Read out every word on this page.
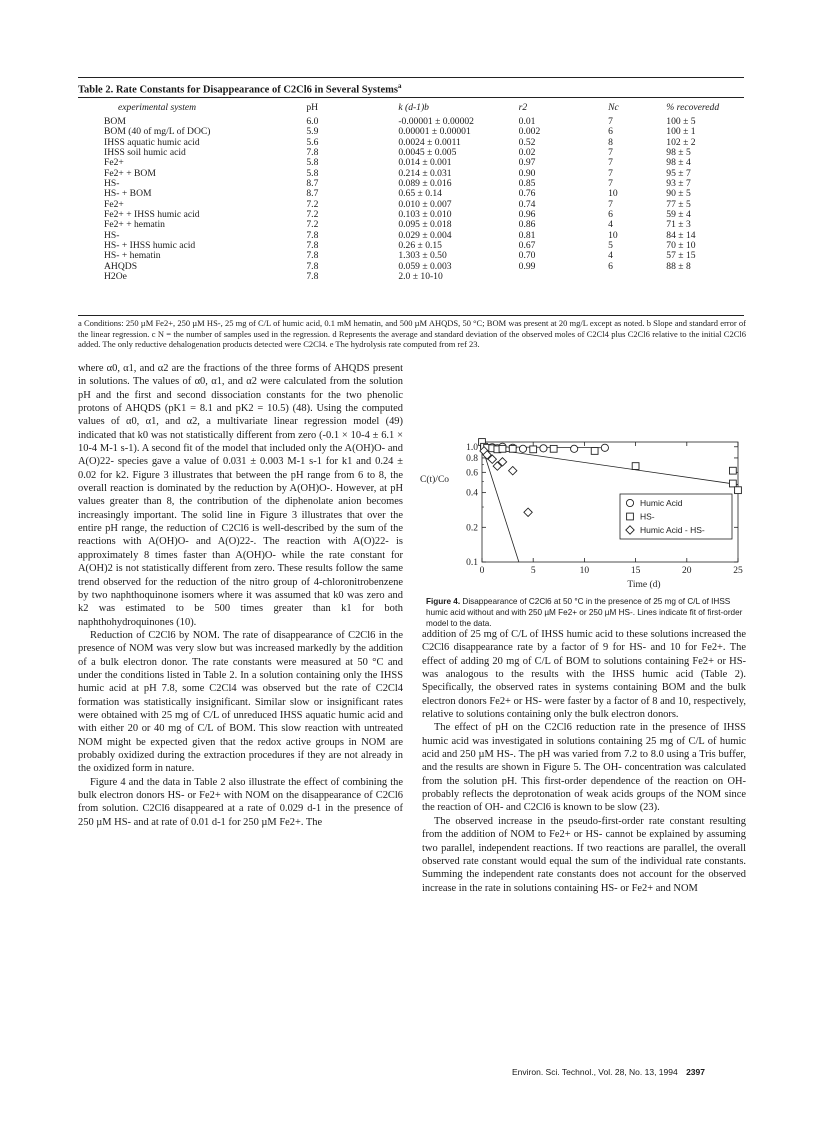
Table 2. Rate Constants for Disappearance of C2Cl6 in Several Systems$^a$
experimental system	pH	k (d-1)b	r2	Nc	% recoveredd
BOM	6.0	-0.00001 ± 0.00002	0.01	7	100 ± 5
BOM (40 of mg/L of DOC)	5.9	0.00001 ± 0.00001	0.002	6	100 ± 1
IHSS aquatic humic acid	5.6	0.0024 ± 0.0011	0.52	8	102 ± 2
IHSS soil humic acid	7.8	0.0045 ± 0.005	0.02	7	98 ± 5
Fe2+	5.8	0.014 ± 0.001	0.97	7	98 ± 4
Fe2+ + BOM	5.8	0.214 ± 0.031	0.90	7	95 ± 7
HS-	8.7	0.089 ± 0.016	0.85	7	93 ± 7
HS- + BOM	8.7	0.65 ± 0.14	0.76	10	90 ± 5
Fe2+	7.2	0.010 ± 0.007	0.74	7	77 ± 5
Fe2+ + IHSS humic acid	7.2	0.103 ± 0.010	0.96	6	59 ± 4
Fe2+ + hematin	7.2	0.095 ± 0.018	0.86	4	71 ± 3
HS-	7.8	0.029 ± 0.004	0.81	10	84 ± 14
HS- + IHSS humic acid	7.8	0.26 ± 0.15	0.67	5	70 ± 10
HS- + hematin	7.8	1.303 ± 0.50	0.70	4	57 ± 15
AHQDS	7.8	0.059 ± 0.003	0.99	6	88 ± 8
H2Oe	7.8	2.0 ± 10-10			
a Conditions: 250 µM Fe2+, 250 µM HS-, 25 mg of C/L of humic acid, 0.1 mM hematin, and 500 µM AHQDS, 50 °C; BOM was present at 20 mg/L except as noted. b Slope and standard error of the linear regression. c N = the number of samples used in the regression. d Represents the average and standard deviation of the observed moles of C2Cl4 plus C2Cl6 relative to the initial C2Cl6 added. The only reductive dehalogenation products detected were C2Cl4. e The hydrolysis rate computed from ref 23.

where α0, α1, and α2 are the fractions of the three forms of AHQDS present in solutions. The values of α0, α1, and α2 were calculated from the solution pH and the first and second dissociation constants for the two phenolic protons of AHQDS (pK1 = 8.1 and pK2 = 10.5) (48). Using the computed values of α0, α1, and α2, a multivariate linear regression model (49) indicated that k0 was not statistically different from zero (-0.1 × 10-4 ± 6.1 × 10-4 M-1 s-1). A second fit of the model that included only the A(OH)O- and A(O)22- species gave a value of 0.031 ± 0.003 M-1 s-1 for k1 and 0.24 ± 0.02 for k2. Figure 3 illustrates that between the pH range from 6 to 8, the overall reaction is dominated by the reduction by A(OH)O-. However, at pH values greater than 8, the contribution of the diphenolate anion becomes increasingly important. The solid line in Figure 3 illustrates that over the entire pH range, the reduction of C2Cl6 is well-described by the sum of the reactions with A(OH)O- and A(O)22-. The reaction with A(O)22- is approximately 8 times faster than A(OH)O- while the rate constant for A(OH)2 is not statistically different from zero. These results follow the same trend observed for the reduction of the nitro group of 4-chloronitrobenzene by two naphthoquinone isomers where it was assumed that k0 was zero and k2 was estimated to be 500 times greater than k1 for both naphthohydroquinones (10).

Reduction of C2Cl6 by NOM. The rate of disappearance of C2Cl6 in the presence of NOM was very slow but was increased markedly by the addition of a bulk electron donor. The rate constants were measured at 50 °C and under the conditions listed in Table 2. In a solution containing only the IHSS humic acid at pH 7.8, some C2Cl4 was observed but the rate of C2Cl4 formation was statistically insignificant. Similar slow or insignificant rates were obtained with 25 mg of C/L of unreduced IHSS aquatic humic acid and with either 20 or 40 mg of C/L of BOM. This slow reaction with untreated NOM might be expected given that the redox active groups in NOM are probably oxidized during the extraction procedures if they are not already in the oxidized form in nature.

Figure 4 and the data in Table 2 also illustrate the effect of combining the bulk electron donors HS- or Fe2+ with NOM on the disappearance of C2Cl6 from solution. C2Cl6 disappeared at a rate of 0.029 d-1 in the presence of 250 µM HS- and at rate of 0.01 d-1 for 250 µM Fe2+. The

1.0
0.8
0.6
0.4
0.2
0.1
0	5	10	15	20	25
C(t)/Co
Time (d)
Humic Acid
HS-
Humic Acid - HS-
Figure 4. Disappearance of C2Cl6 at 50 °C in the presence of 25 mg of C/L of IHSS humic acid without and with 250 µM Fe2+ or 250 µM HS-. Lines indicate fit of first-order model to the data.

addition of 25 mg of C/L of IHSS humic acid to these solutions increased the C2Cl6 disappearance rate by a factor of 9 for HS- and 10 for Fe2+. The effect of adding 20 mg of C/L of BOM to solutions containing Fe2+ or HS- was analogous to the results with the IHSS humic acid (Table 2). Specifically, the observed rates in systems containing BOM and the bulk electron donors Fe2+ or HS- were faster by a factor of 8 and 10, respectively, relative to solutions containing only the bulk electron donors.

The effect of pH on the C2Cl6 reduction rate in the presence of IHSS humic acid was investigated in solutions containing 25 mg of C/L of humic acid and 250 µM HS-. The pH was varied from 7.2 to 8.0 using a Tris buffer, and the results are shown in Figure 5. The OH- concentration was calculated from the solution pH. This first-order dependence of the reaction on OH- probably reflects the deprotonation of weak acids groups of the NOM since the reaction of OH- and C2Cl6 is known to be slow (23).

The observed increase in the pseudo-first-order rate constant resulting from the addition of NOM to Fe2+ or HS- cannot be explained by assuming two parallel, independent reactions. If two reactions are parallel, the overall observed rate constant would equal the sum of the individual rate constants. Summing the independent rate constants does not account for the observed increase in the rate in solutions containing HS- or Fe2+ and NOM

Environ. Sci. Technol., Vol. 28, No. 13, 1994 2397
